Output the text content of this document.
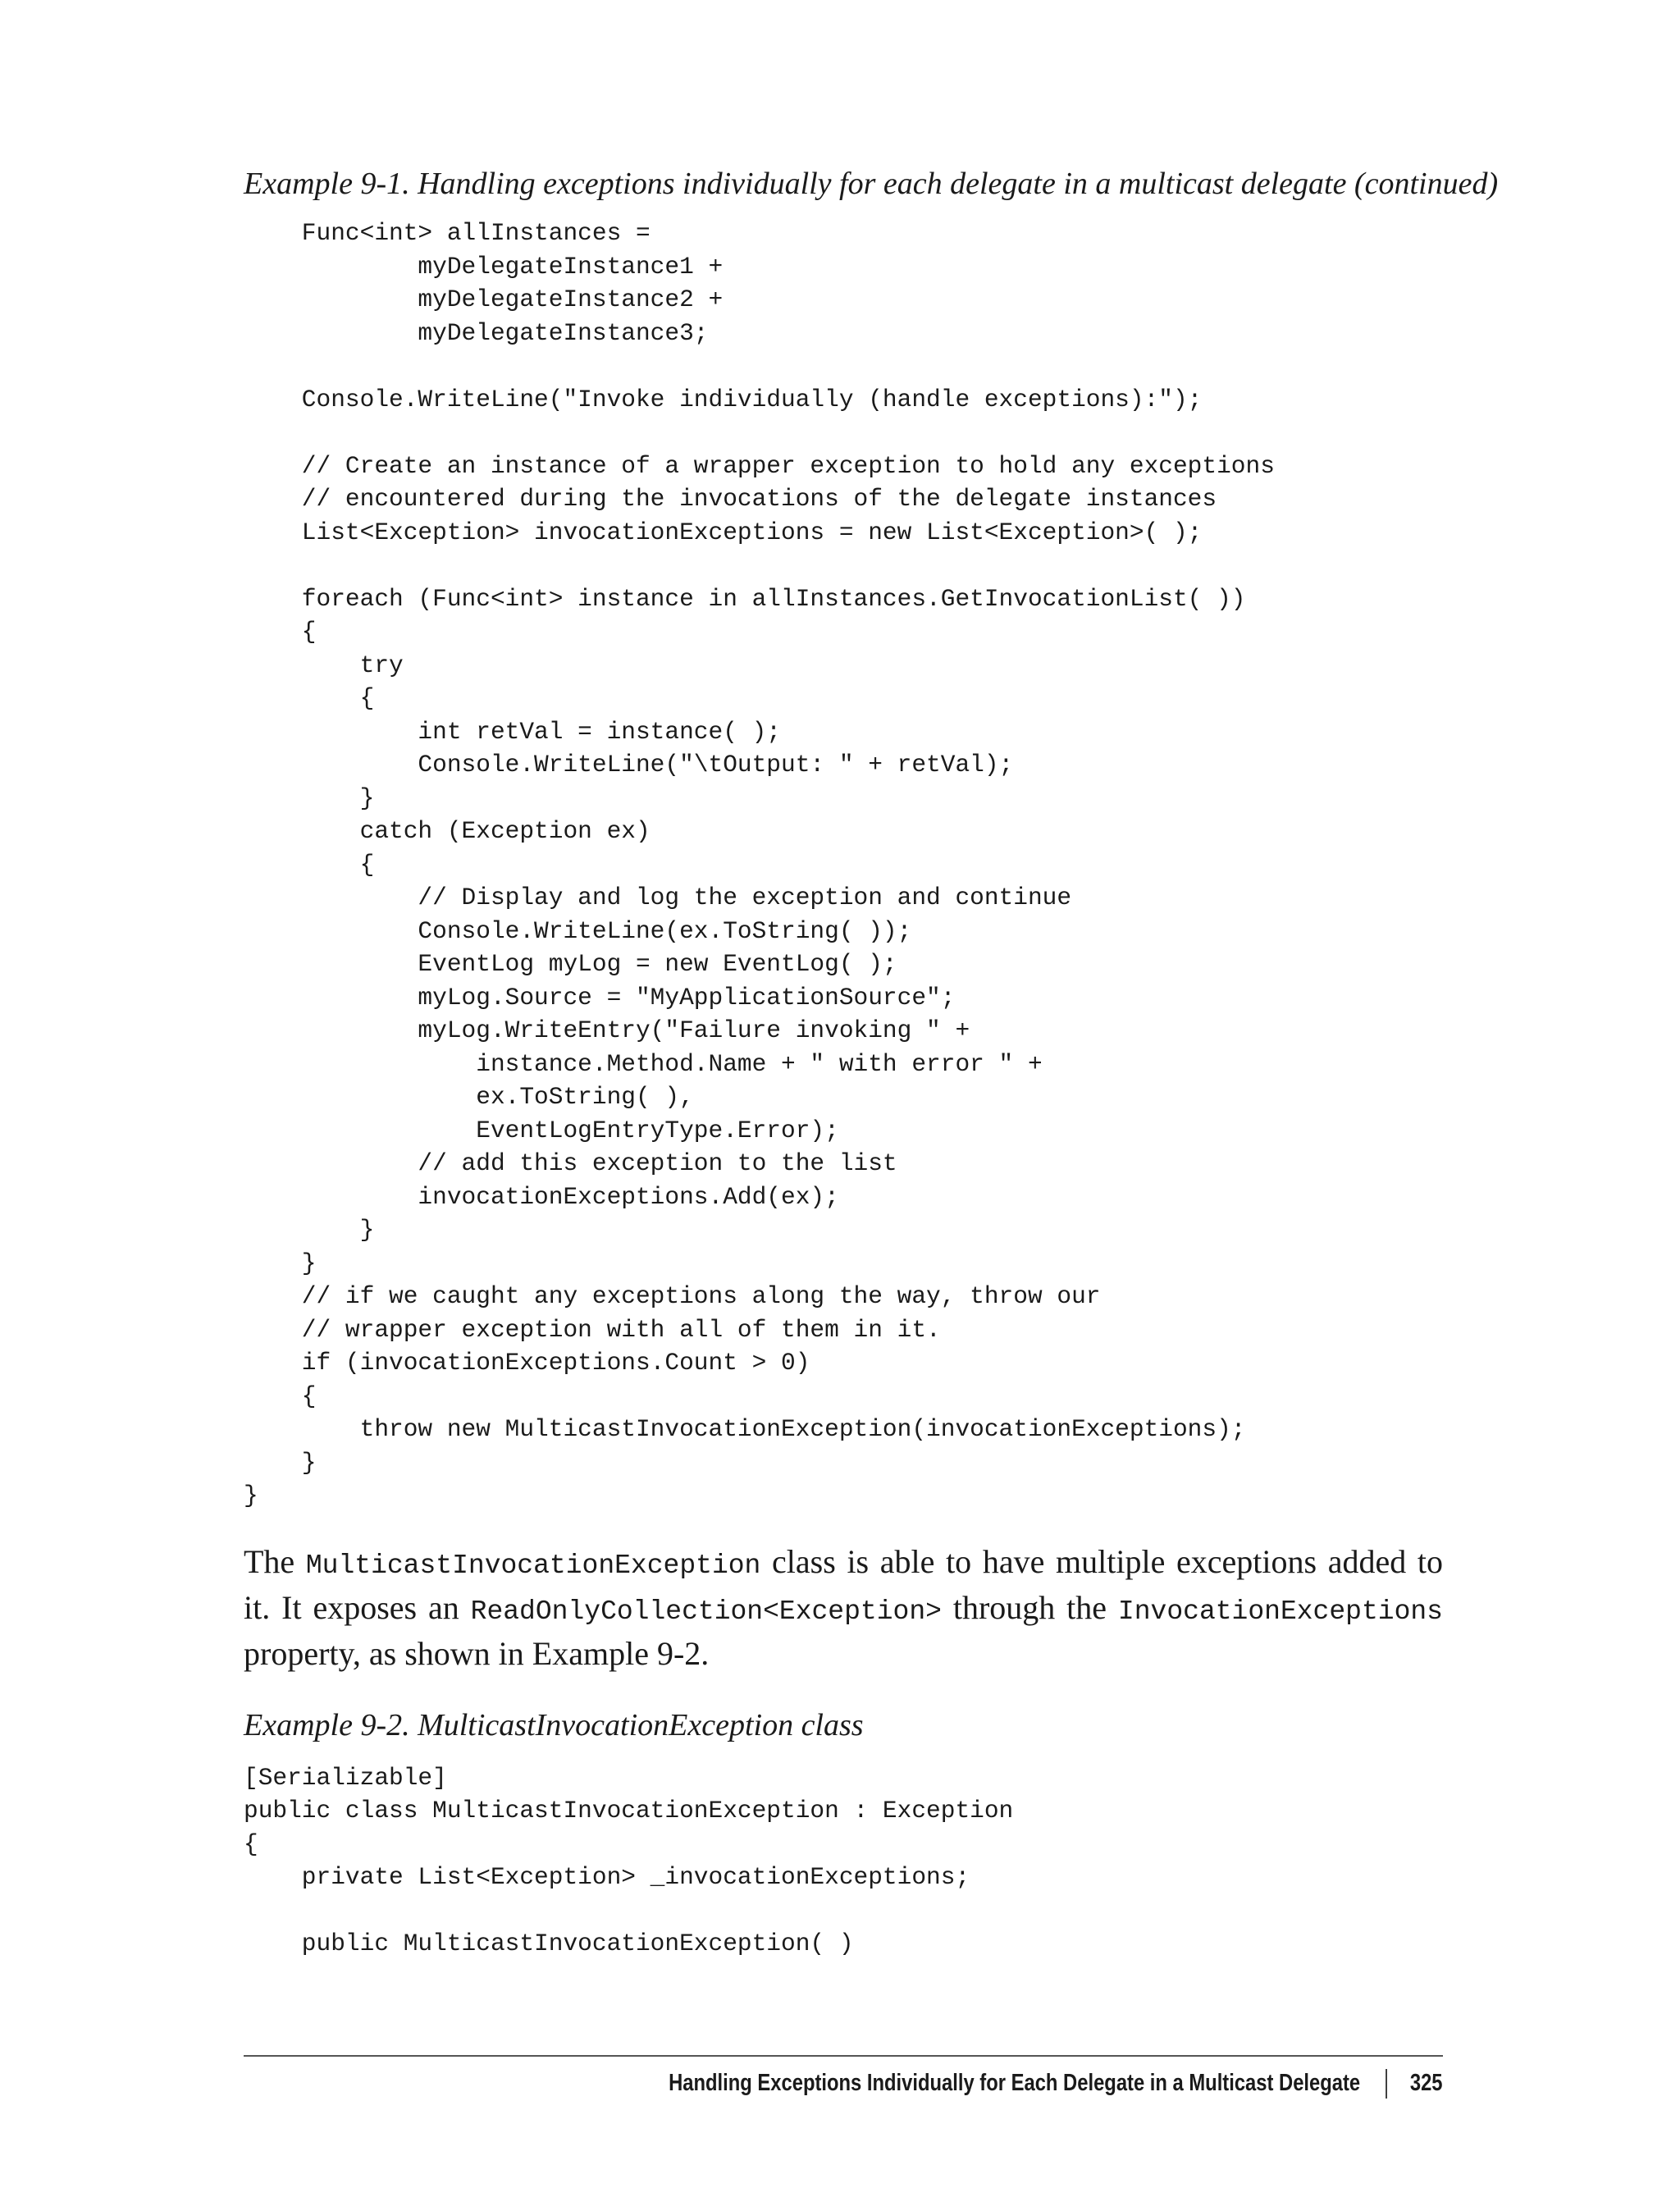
Example 9-1. Handling exceptions individually for each delegate in a multicast delegate (continued)

Func<int> allInstances =
myDelegateInstance1 +
myDelegateInstance2 +
myDelegateInstance3;
Console.WriteLine("Invoke individually (handle exceptions):");
// Create an instance of a wrapper exception to hold any exceptions
// encountered during the invocations of the delegate instances
List<Exception> invocationExceptions = new List<Exception>( );
foreach (Func<int> instance in allInstances.GetInvocationList( ))
{
try
{
int retVal = instance( );
Console.WriteLine("\tOutput: " + retVal);
}
catch (Exception ex)
{
// Display and log the exception and continue
Console.WriteLine(ex.ToString( ));
EventLog myLog = new EventLog( );
myLog.Source = "MyApplicationSource";
myLog.WriteEntry("Failure invoking " +
instance.Method.Name + " with error " +
ex.ToString( ),
EventLogEntryType.Error);
// add this exception to the list
invocationExceptions.Add(ex);
}
}
// if we caught any exceptions along the way, throw our
// wrapper exception with all of them in it.
if (invocationExceptions.Count > 0)
{
throw new MulticastInvocationException(invocationExceptions);
}
}

The MulticastInvocationException class is able to have multiple exceptions added to it. It exposes an ReadOnlyCollection<Exception> through the InvocationExceptions property, as shown in Example 9-2.

Example 9-2. MulticastInvocationException class

[Serializable]
public class MulticastInvocationException : Exception
{
private List<Exception> _invocationExceptions;
public MulticastInvocationException( )
Handling Exceptions Individually for Each Delegate in a Multicast Delegate 325
